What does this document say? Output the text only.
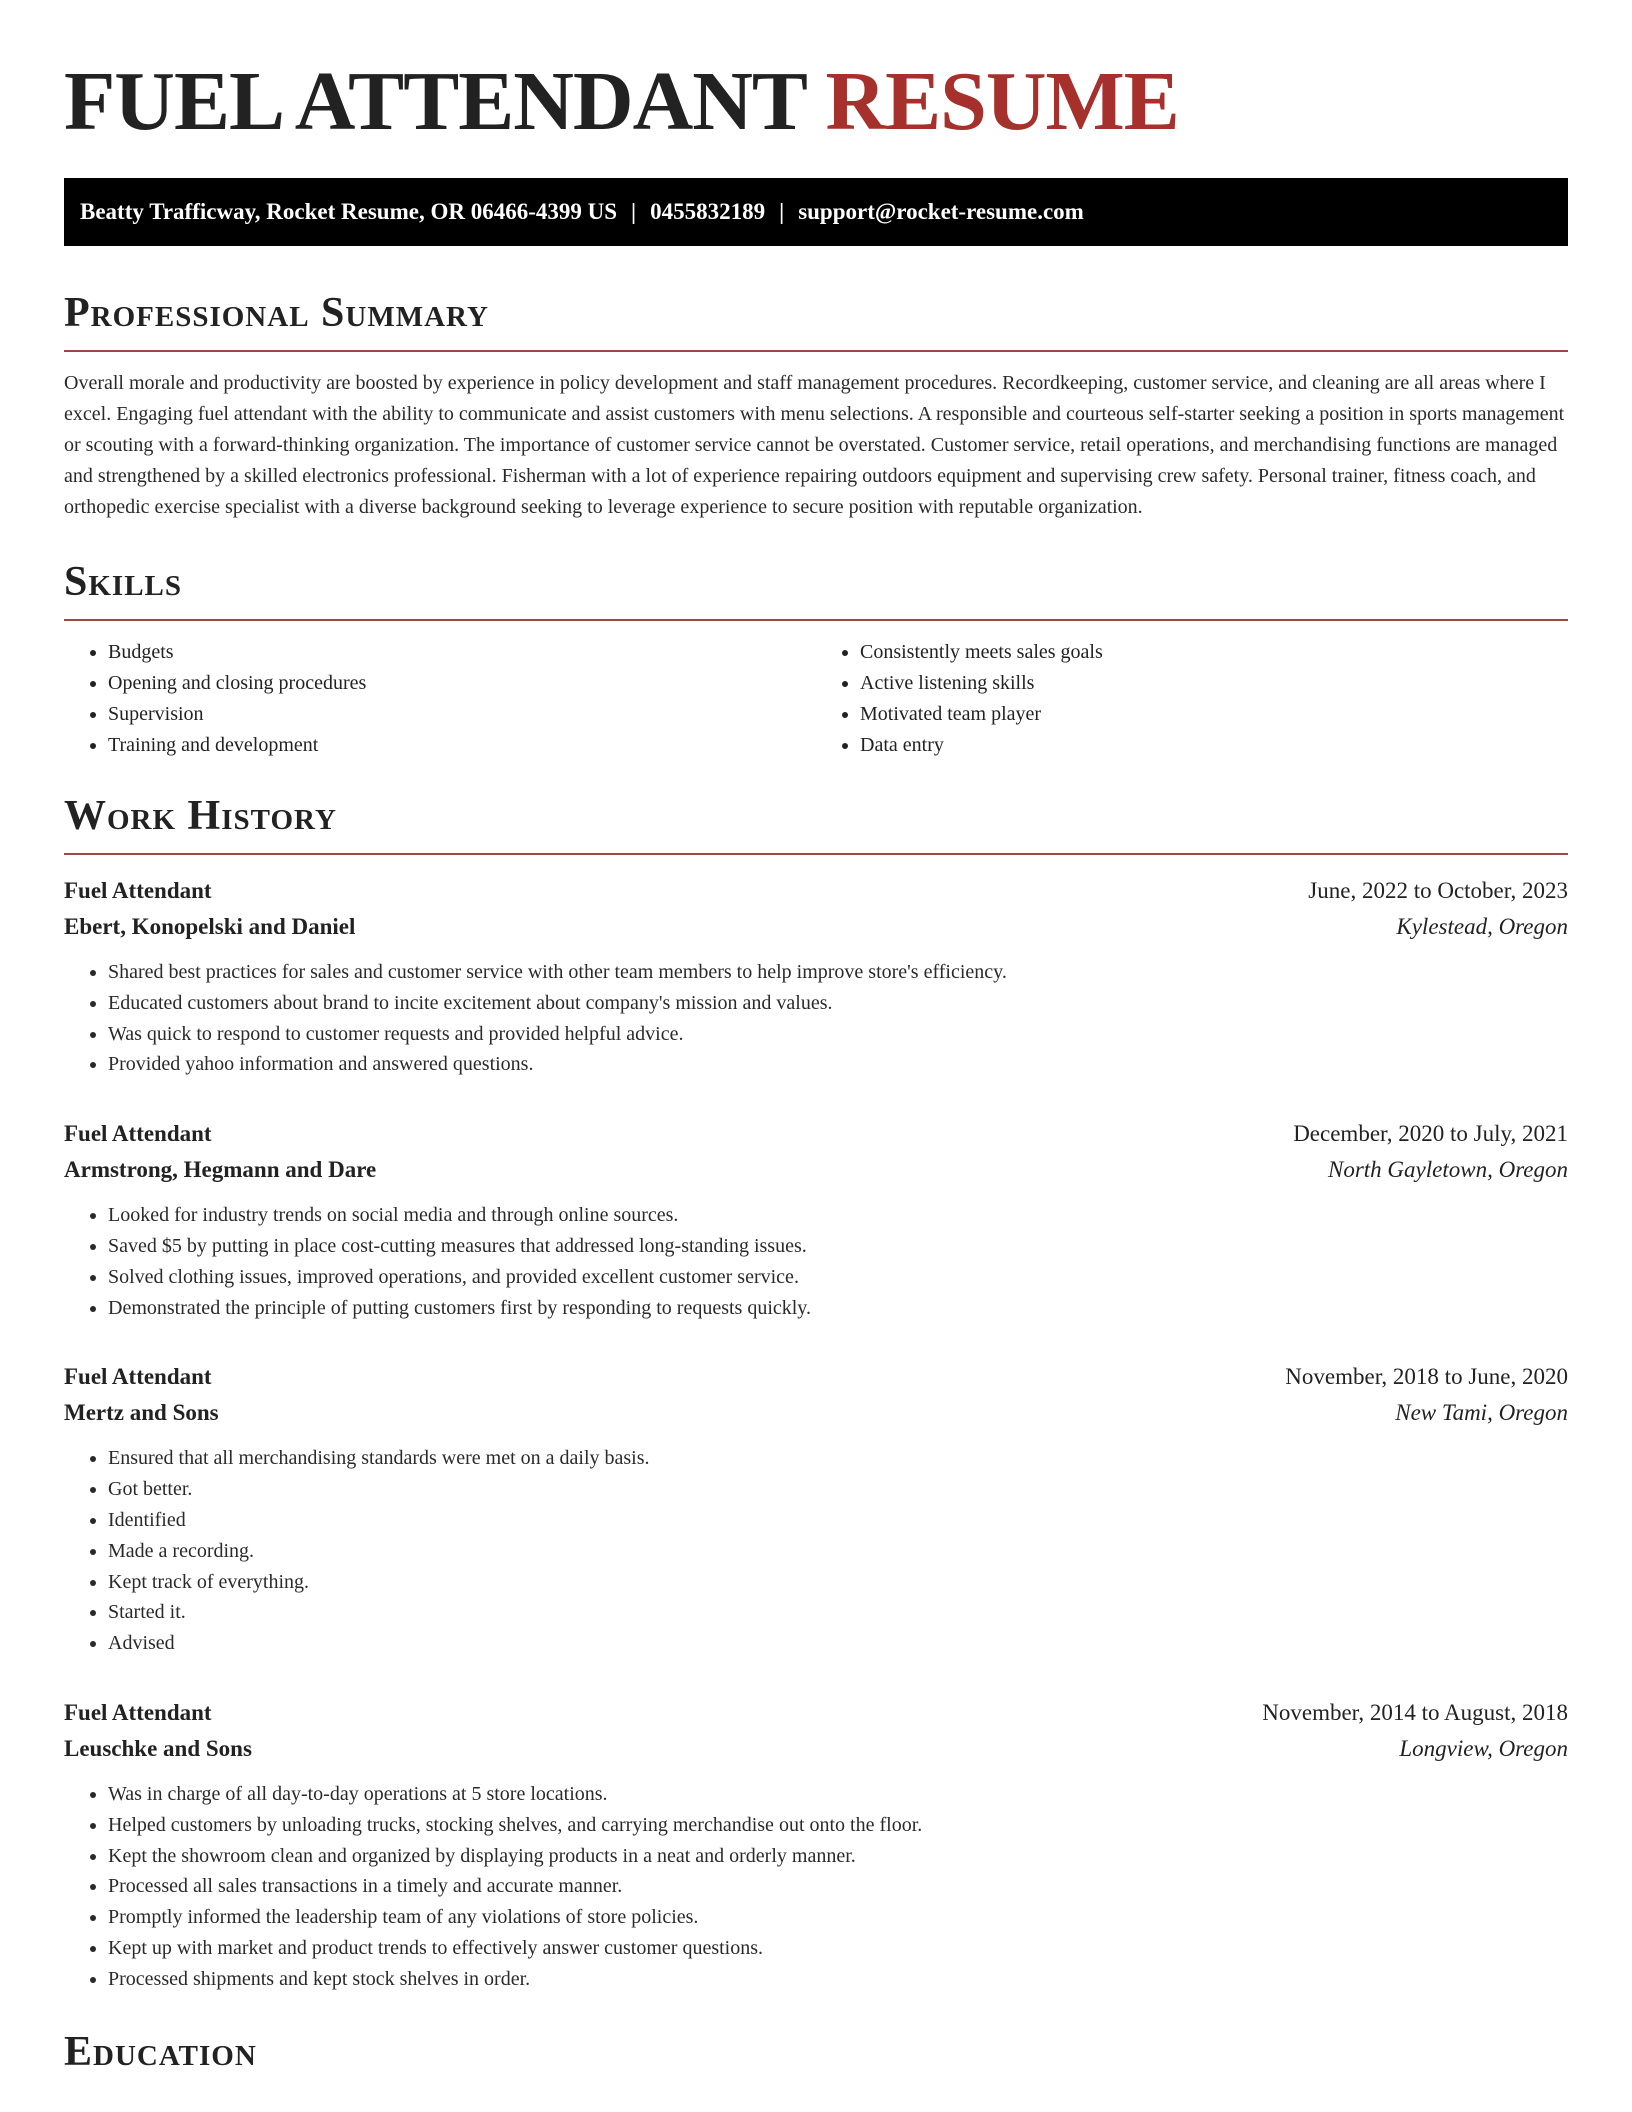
FUEL ATTENDANT RESUME
Beatty Trafficway, Rocket Resume, OR 06466-4399 US | 0455832189 | support@rocket-resume.com
Professional Summary

Overall morale and productivity are boosted by experience in policy development and staff management procedures. Recordkeeping, customer service, and cleaning are all areas where I excel. Engaging fuel attendant with the ability to communicate and assist customers with menu selections. A responsible and courteous self-starter seeking a position in sports management or scouting with a forward-thinking organization. The importance of customer service cannot be overstated. Customer service, retail operations, and merchandising functions are managed and strengthened by a skilled electronics professional. Fisherman with a lot of experience repairing outdoors equipment and supervising crew safety. Personal trainer, fitness coach, and orthopedic exercise specialist with a diverse background seeking to leverage experience to secure position with reputable organization.

Skills
• Budgets
• Opening and closing procedures
• Supervision
• Training and development
• Consistently meets sales goals
• Active listening skills
• Motivated team player
• Data entry
Work History
Fuel Attendant	June, 2022 to October, 2023
Ebert, Konopelski and Daniel	Kylestead, Oregon
• Shared best practices for sales and customer service with other team members to help improve store's efficiency.
• Educated customers about brand to incite excitement about company's mission and values.
• Was quick to respond to customer requests and provided helpful advice.
• Provided yahoo information and answered questions.
Fuel Attendant	December, 2020 to July, 2021
Armstrong, Hegmann and Dare	North Gayletown, Oregon
• Looked for industry trends on social media and through online sources.
• Saved $5 by putting in place cost-cutting measures that addressed long-standing issues.
• Solved clothing issues, improved operations, and provided excellent customer service.
• Demonstrated the principle of putting customers first by responding to requests quickly.
Fuel Attendant	November, 2018 to June, 2020
Mertz and Sons	New Tami, Oregon
• Ensured that all merchandising standards were met on a daily basis.
• Got better.
• Identified
• Made a recording.
• Kept track of everything.
• Started it.
• Advised
Fuel Attendant	November, 2014 to August, 2018
Leuschke and Sons	Longview, Oregon
• Was in charge of all day-to-day operations at 5 store locations.
• Helped customers by unloading trucks, stocking shelves, and carrying merchandise out onto the floor.
• Kept the showroom clean and organized by displaying products in a neat and orderly manner.
• Processed all sales transactions in a timely and accurate manner.
• Promptly informed the leadership team of any violations of store policies.
• Kept up with market and product trends to effectively answer customer questions.
• Processed shipments and kept stock shelves in order.
Education
